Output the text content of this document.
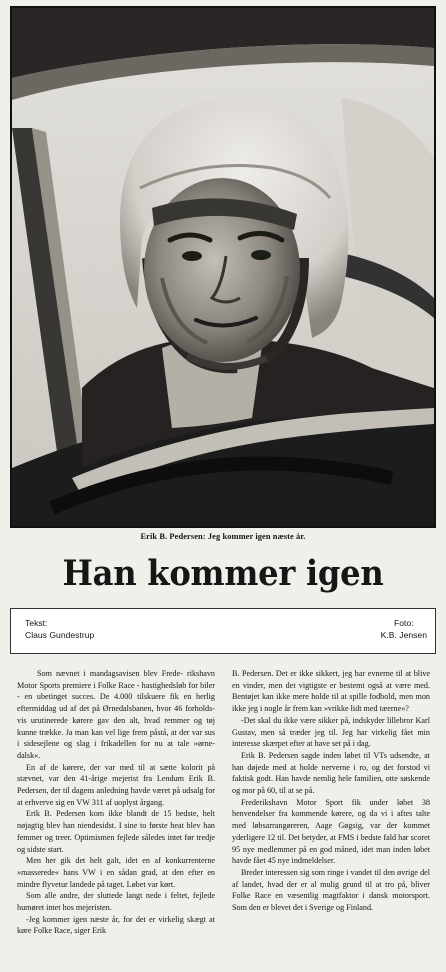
Erik B. Pedersen: Jeg kommer igen næste år.
Han kommer igen
Tekst:
Claus Gundestrup
Foto:
K.B. Jensen

Som nævnet i mandagsavisen blev Frede- rikshavn Motor Sports premiere i Folke Race - hastighedsløb for biler - en ubetinget succes. De 4.000 tilskuere fik en herlig eftermiddag ud af det på Ørnedalsbanen, hvor 46 forholds- vis urutinerede kørere gav den alt, hvad remmer og tøj kunne trække. Ja man kan vel lige frem påstå, at der var sus i sidesejlene og slag i frikadellen for nu at tale »ørne- dalsk«.

En af de kørere, der var med til at sætte kolorit på stævnet, var den 41-årige mejerist fra Lendum Erik B. Pedersen, der til dagens anledning havde været på udsalg for at erhverve sig en VW 311 af uoplyst årgang.

Erik B. Pedersen kom ikke blandt de 15 bedste, helt nøjagtig blev han niendesidst. I sine to første heat blev han femmer og treer. Optimismen fejlede således intet før tredje og sidste start.

Men her gik det helt galt, idet en af konkurrenterne »masserede« hans VW i en sådan grad, at den efter en mindre flyvetur landede på taget. Løbet var kørt.

Som alle andre, der sluttede langt nede i feltet, fejlede humøret intet hos mejeristen.

-Jeg kommer igen næste år, for det er virkelig skægt at køre Folke Race, siger Erik

B. Pedersen. Det er ikke sikkert, jeg har evnerne til at blive en vinder, men det vigtigste er bestemt også at være med. Bentøjet kan ikke mere holde til at spille fodbold, men mon ikke jeg i nogle år frem kan »vrikke lidt med tæerne«?

-Det skal du ikke være sikker på, indskyder lillebror Karl Gustav, men så træder jeg til. Jeg har virkelig fået min interesse skærpet efter at have set på i dag.

Erik B. Pedersen sagde inden løbet til VTs udsendte, at han døjede med at holde nerverne i ro, og det forstod vi faktisk godt. Han havde nemlig hele familien, otte søskende og mor på 60, til at se på.

Frederikshavn Motor Sport fik under løbet 38 henvendelser fra kommende kørere, og da vi i aftes talte med løbsarrangøreren, Aage Gøgsig, var der kommet yderligere 12 til. Det betyder, at FMS i bedste fald har scoret 95 nye medlemmer på en god måned, idet man inden løbet havde fået 45 nye indmeldelser.

Breder interessen sig som ringe i vandet til den øvrige del af landet, hvad der er al mulig grund til at tro på, bliver Folke Race en væsentlig magtfaktor i dansk motorsport. Som den er blevet det i Sverige og Finland.
